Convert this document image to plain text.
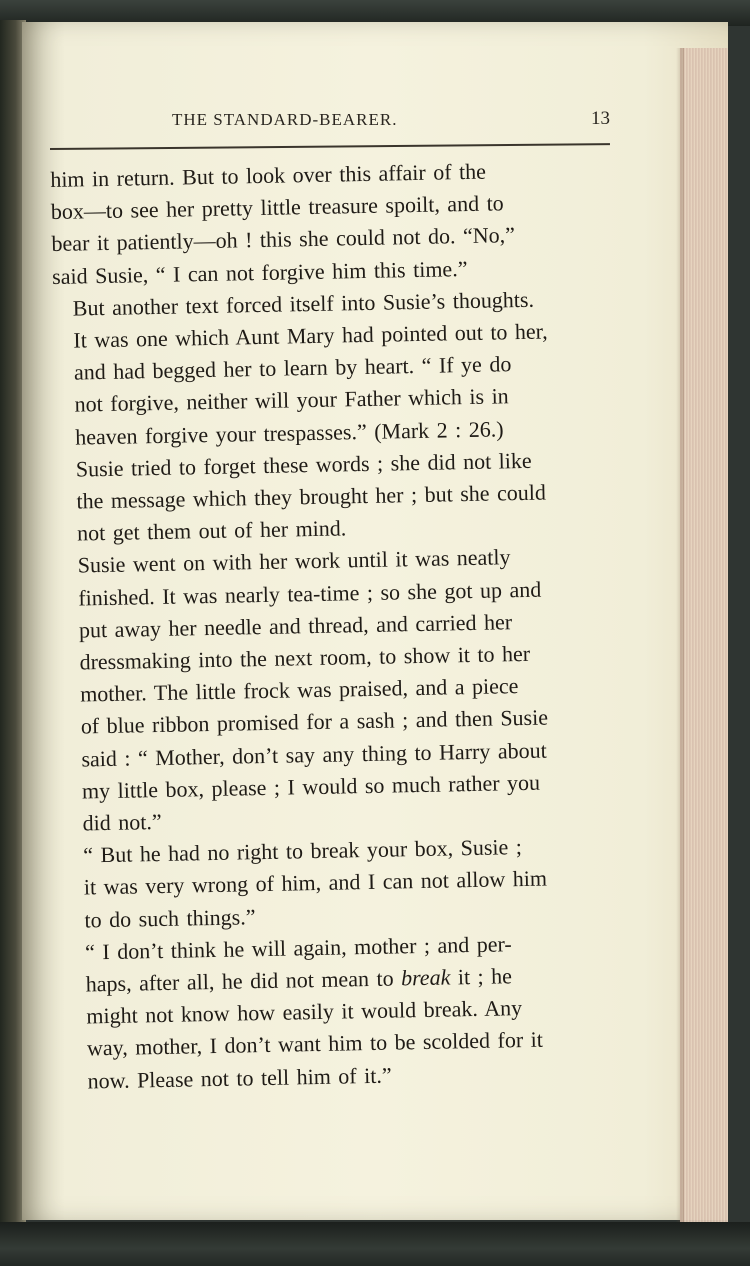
THE STANDARD-BEARER.	13

him in return. But to look over this affair of the
box—to see her pretty little treasure spoilt, and to
bear it patiently—oh ! this she could not do. “No,”
said Susie, “ I can not forgive him this time.”

But another text forced itself into Susie’s thoughts.
It was one which Aunt Mary had pointed out to her,
and had begged her to learn by heart. “ If ye do
not forgive, neither will your Father which is in
heaven forgive your trespasses.” (Mark 2 : 26.)
Susie tried to forget these words ; she did not like
the message which they brought her ; but she could
not get them out of her mind.

Susie went on with her work until it was neatly
finished. It was nearly tea-time ; so she got up and
put away her needle and thread, and carried her
dressmaking into the next room, to show it to her
mother. The little frock was praised, and a piece
of blue ribbon promised for a sash ; and then Susie
said : “ Mother, don’t say any thing to Harry about
my little box, please ; I would so much rather you
did not.”

“ But he had no right to break your box, Susie ;
it was very wrong of him, and I can not allow him
to do such things.”

“ I don’t think he will again, mother ; and per-
haps, after all, he did not mean to break it ; he
might not know how easily it would break. Any
way, mother, I don’t want him to be scolded for it
now. Please not to tell him of it.”
